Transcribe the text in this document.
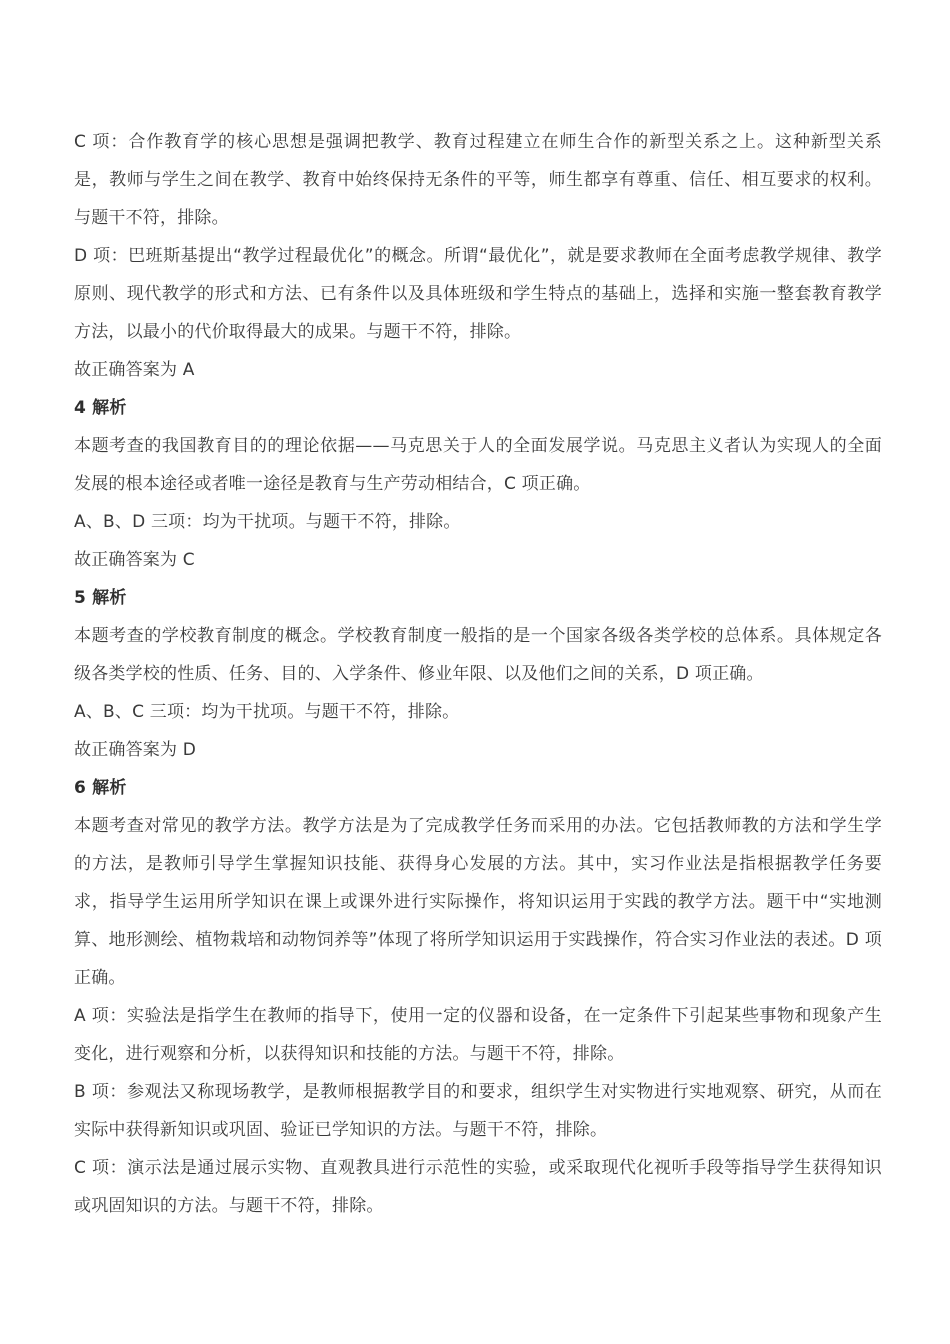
C 项：合作教育学的核心思想是强调把教学、教育过程建立在师生合作的新型关系之上。这种新型关系是，教师与学生之间在教学、教育中始终保持无条件的平等，师生都享有尊重、信任、相互要求的权利。与题干不符，排除。

D 项：巴班斯基提出“教学过程最优化”的概念。所谓“最优化”，就是要求教师在全面考虑教学规律、教学原则、现代教学的形式和方法、已有条件以及具体班级和学生特点的基础上，选择和实施一整套教育教学方法，以最小的代价取得最大的成果。与题干不符，排除。

故正确答案为 A

4 解析

本题考查的我国教育目的的理论依据——马克思关于人的全面发展学说。马克思主义者认为实现人的全面发展的根本途径或者唯一途径是教育与生产劳动相结合，C 项正确。

A、B、D 三项：均为干扰项。与题干不符，排除。

故正确答案为 C

5 解析

本题考查的学校教育制度的概念。学校教育制度一般指的是一个国家各级各类学校的总体系。具体规定各级各类学校的性质、任务、目的、入学条件、修业年限、以及他们之间的关系，D 项正确。

A、B、C 三项：均为干扰项。与题干不符，排除。

故正确答案为 D

6 解析

本题考查对常见的教学方法。教学方法是为了完成教学任务而采用的办法。它包括教师教的方法和学生学的方法，是教师引导学生掌握知识技能、获得身心发展的方法。其中，实习作业法是指根据教学任务要求，指导学生运用所学知识在课上或课外进行实际操作，将知识运用于实践的教学方法。题干中“实地测算、地形测绘、植物栽培和动物饲养等”体现了将所学知识运用于实践操作，符合实习作业法的表述。D 项正确。

A 项：实验法是指学生在教师的指导下，使用一定的仪器和设备，在一定条件下引起某些事物和现象产生变化，进行观察和分析，以获得知识和技能的方法。与题干不符，排除。

B 项：参观法又称现场教学，是教师根据教学目的和要求，组织学生对实物进行实地观察、研究，从而在实际中获得新知识或巩固、验证已学知识的方法。与题干不符，排除。

C 项：演示法是通过展示实物、直观教具进行示范性的实验，或采取现代化视听手段等指导学生获得知识或巩固知识的方法。与题干不符，排除。
